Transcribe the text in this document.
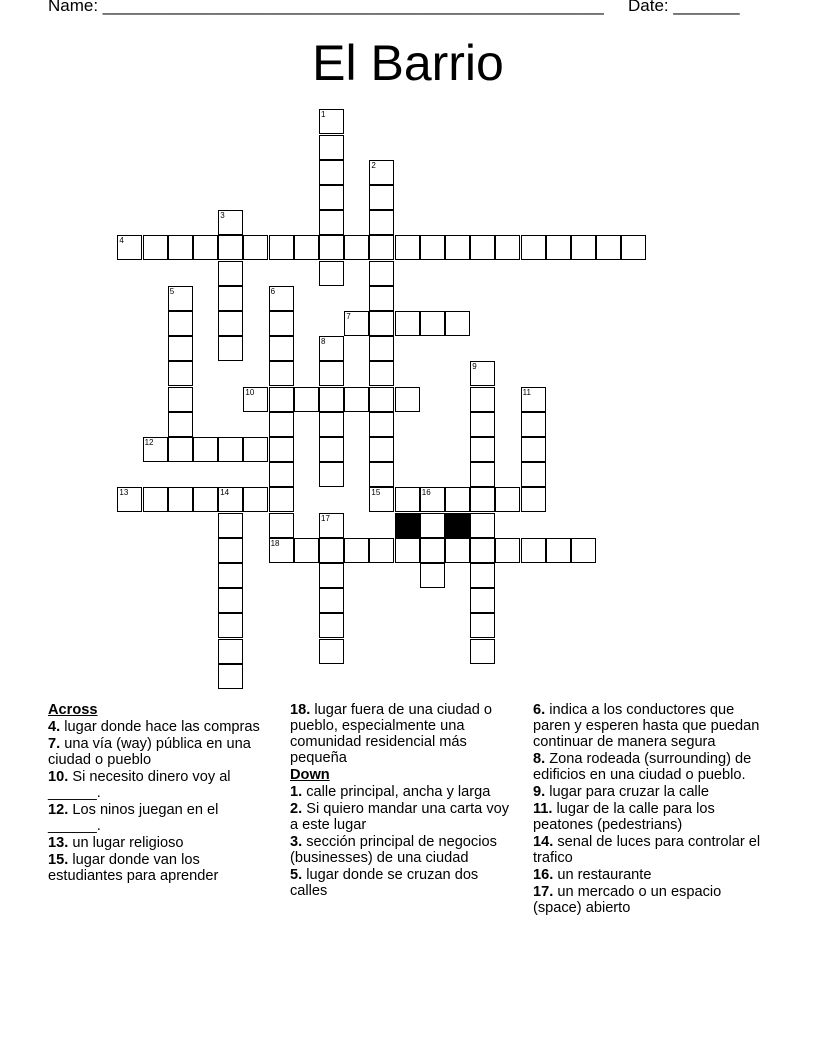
Name: _____________________________________________________ Date: _______
El Barrio
1
2
15
3
4
5	6
18
7
8
9
10	11
12
13	14	16
17
Across
4. lugar donde hace las compras
7. una vía (way) pública en una ciudad o pueblo
10. Si necesito dinero voy al ______.
12. Los ninos juegan en el ______.
13. un lugar religioso
15. lugar donde van los estudiantes para aprender
18. lugar fuera de una ciudad o pueblo, especialmente una comunidad residencial más pequeña
Down
1. calle principal, ancha y larga
2. Si quiero mandar una carta voy a este lugar
3. sección principal de negocios (businesses) de una ciudad
5. lugar donde se cruzan dos calles
6. indica a los conductores que paren y esperen hasta que puedan continuar de manera segura
8. Zona rodeada (surrounding) de edificios en una ciudad o pueblo.
9. lugar para cruzar la calle
11. lugar de la calle para los peatones (pedestrians)
14. senal de luces para controlar el trafico
16. un restaurante
17. un mercado o un espacio (space) abierto
